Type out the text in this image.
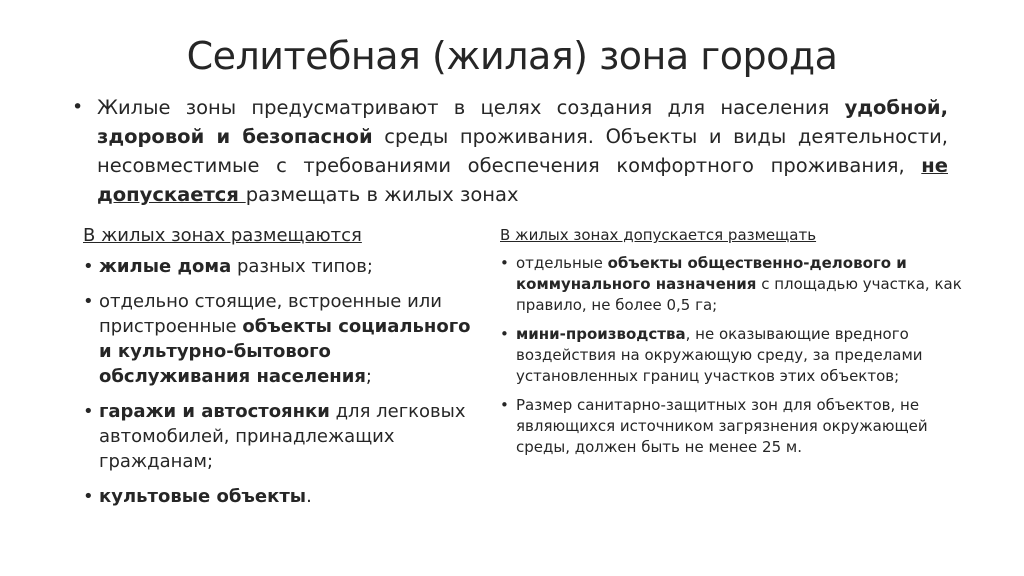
Селитебная (жилая) зона города
• Жилые зоны предусматривают в целях создания для населения удобной, здоровой и безопасной среды проживания. Объекты и виды деятельности, несовместимые с требованиями обеспечения комфортного проживания, не допускается размещать в жилых зонах
В жилых зонах размещаются
• жилые дома разных типов;
• отдельно стоящие, встроенные или пристроенные объекты социального и культурно-бытового обслуживания населения;
• гаражи и автостоянки для легковых автомобилей, принадлежащих гражданам;
• культовые объекты.
В жилых зонах допускается размещать
• отдельные объекты общественно-делового и коммунального назначения с площадью участка, как правило, не более 0,5 га;
• мини-производства, не оказывающие вредного воздействия на окружающую среду, за пределами установленных границ участков этих объектов;
• Размер санитарно-защитных зон для объектов, не являющихся источником загрязнения окружающей среды, должен быть не менее 25 м.
